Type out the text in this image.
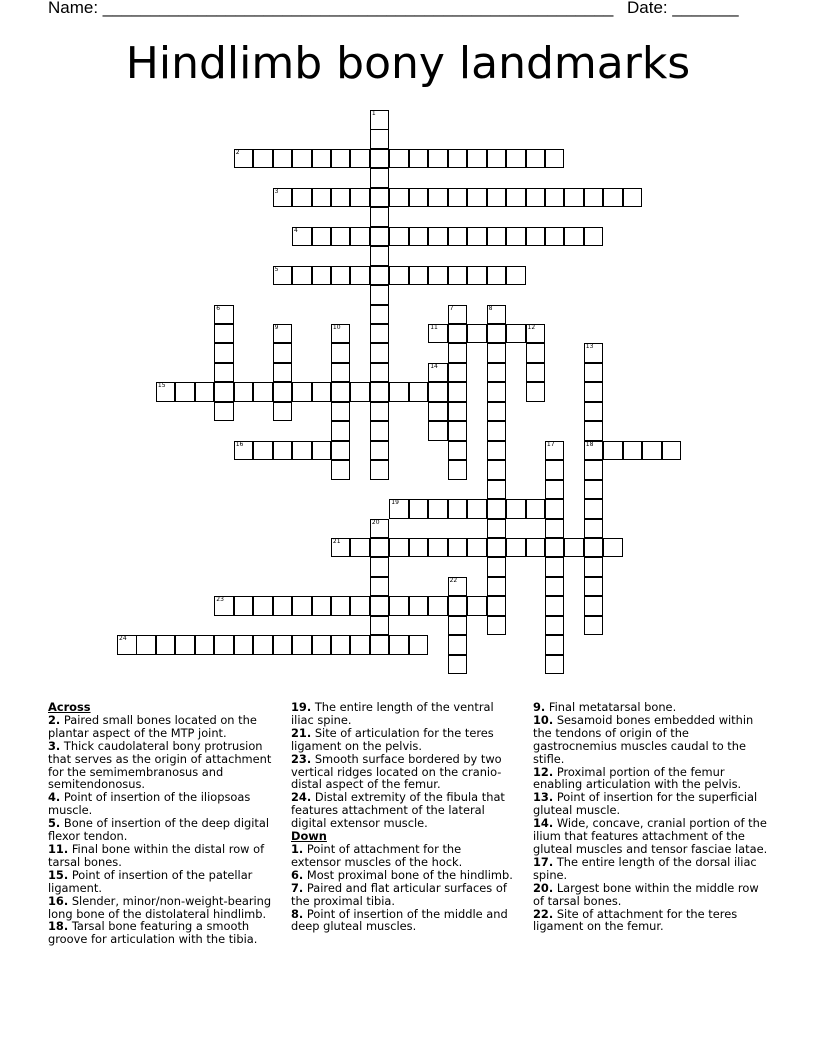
Name: ______________________________________________________ Date: _______
Hindlimb bony landmarks
1
2
3
4
5
6	7	8
9	10	11	12
13
18
14
15
16	17
19
20
21
22
23
24

Across

2. Paired small bones located on the plantar aspect of the MTP joint.

3. Thick caudolateral bony protrusion that serves as the origin of attachment for the semimembranosus and semitendonosus.

4. Point of insertion of the iliopsoas muscle.

5. Bone of insertion of the deep digital flexor tendon.

11. Final bone within the distal row of tarsal bones.

15. Point of insertion of the patellar ligament.

16. Slender, minor/non-weight-bearing long bone of the distolateral hindlimb.

18. Tarsal bone featuring a smooth groove for articulation with the tibia.

19. The entire length of the ventral iliac spine.

21. Site of articulation for the teres ligament on the pelvis.

23. Smooth surface bordered by two vertical ridges located on the cranio-distal aspect of the femur.

24. Distal extremity of the fibula that features attachment of the lateral digital extensor muscle.

Down

1. Point of attachment for the extensor muscles of the hock.

6. Most proximal bone of the hindlimb.

7. Paired and flat articular surfaces of the proximal tibia.

8. Point of insertion of the middle and deep gluteal muscles.

9. Final metatarsal bone.

10. Sesamoid bones embedded within the tendons of origin of the gastrocnemius muscles caudal to the stifle.

12. Proximal portion of the femur enabling articulation with the pelvis.

13. Point of insertion for the superficial gluteal muscle.

14. Wide, concave, cranial portion of the ilium that features attachment of the gluteal muscles and tensor fasciae latae.

17. The entire length of the dorsal iliac spine.

20. Largest bone within the middle row of tarsal bones.

22. Site of attachment for the teres ligament on the femur.
